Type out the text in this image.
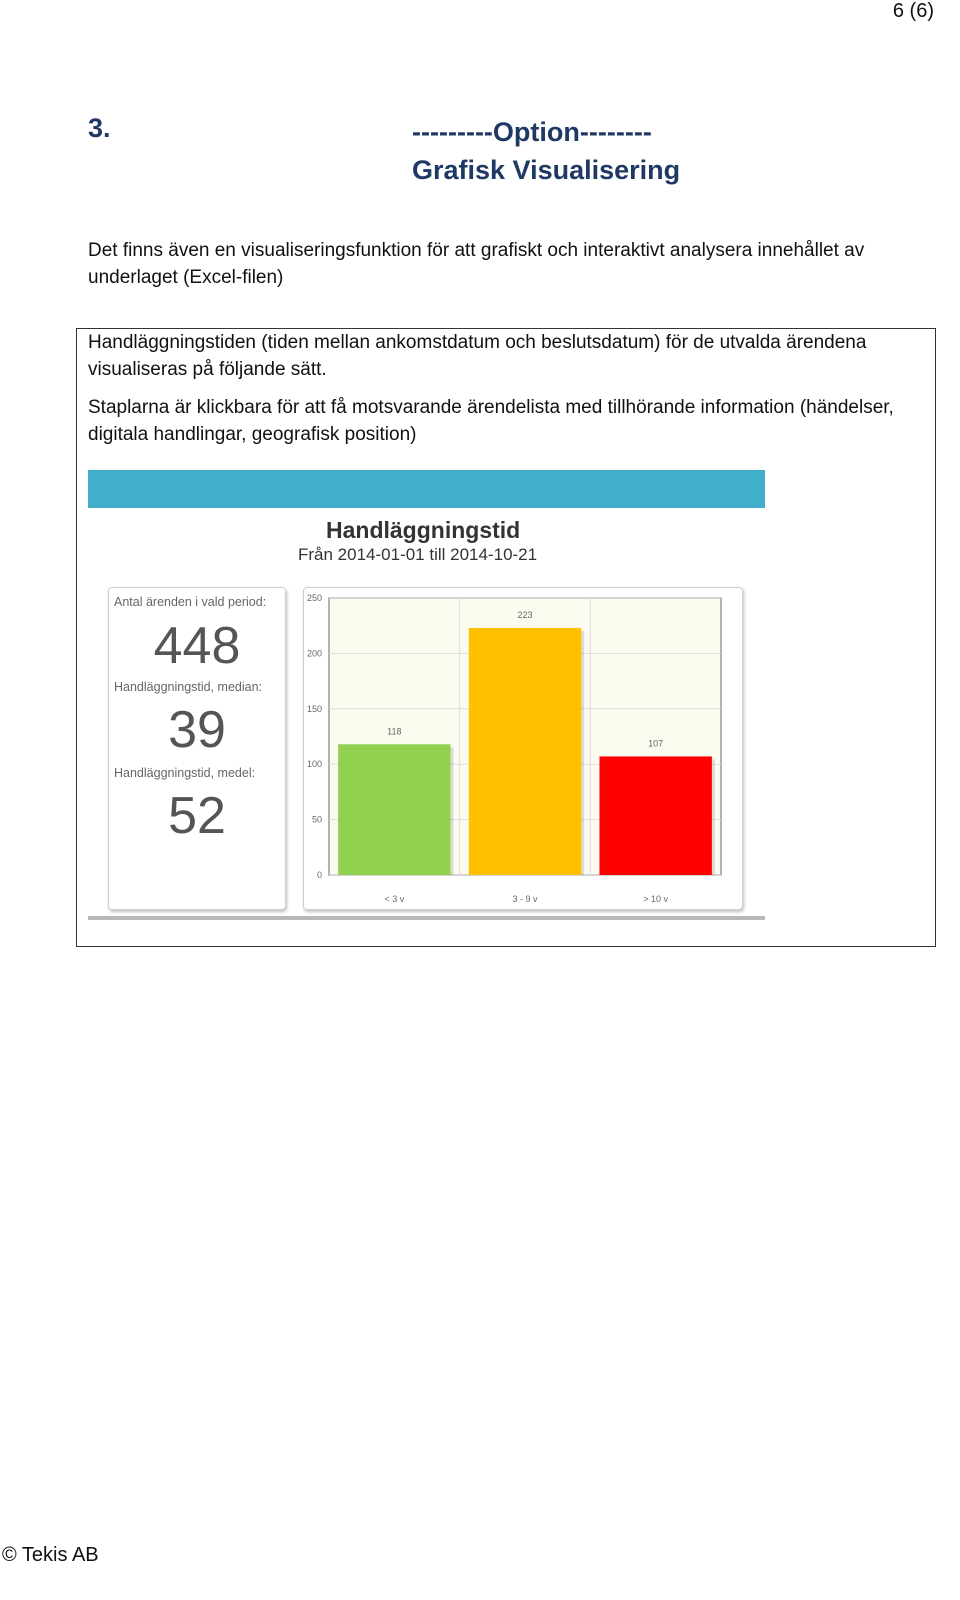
6 (6)
3.	---------Option--------
Grafisk Visualisering
Det finns även en visualiseringsfunktion för att grafiskt och interaktivt analysera innehållet av underlaget (Excel-filen)
Handläggningstiden (tiden mellan ankomstdatum och beslutsdatum) för de utvalda ärendena visualiseras på följande sätt.
Staplarna är klickbara för att få motsvarande ärendelista med tillhörande information (händelser, digitala handlingar, geografisk position)
Handläggningstid
Från 2014-01-01 till 2014-10-21
Antal ärenden i vald period:
448
Handläggningstid, median:
39
Handläggningstid, medel:
52
0
50
100
150
200
250
118
< 3 v
223
3 - 9 v
107
> 10 v
© Tekis AB
